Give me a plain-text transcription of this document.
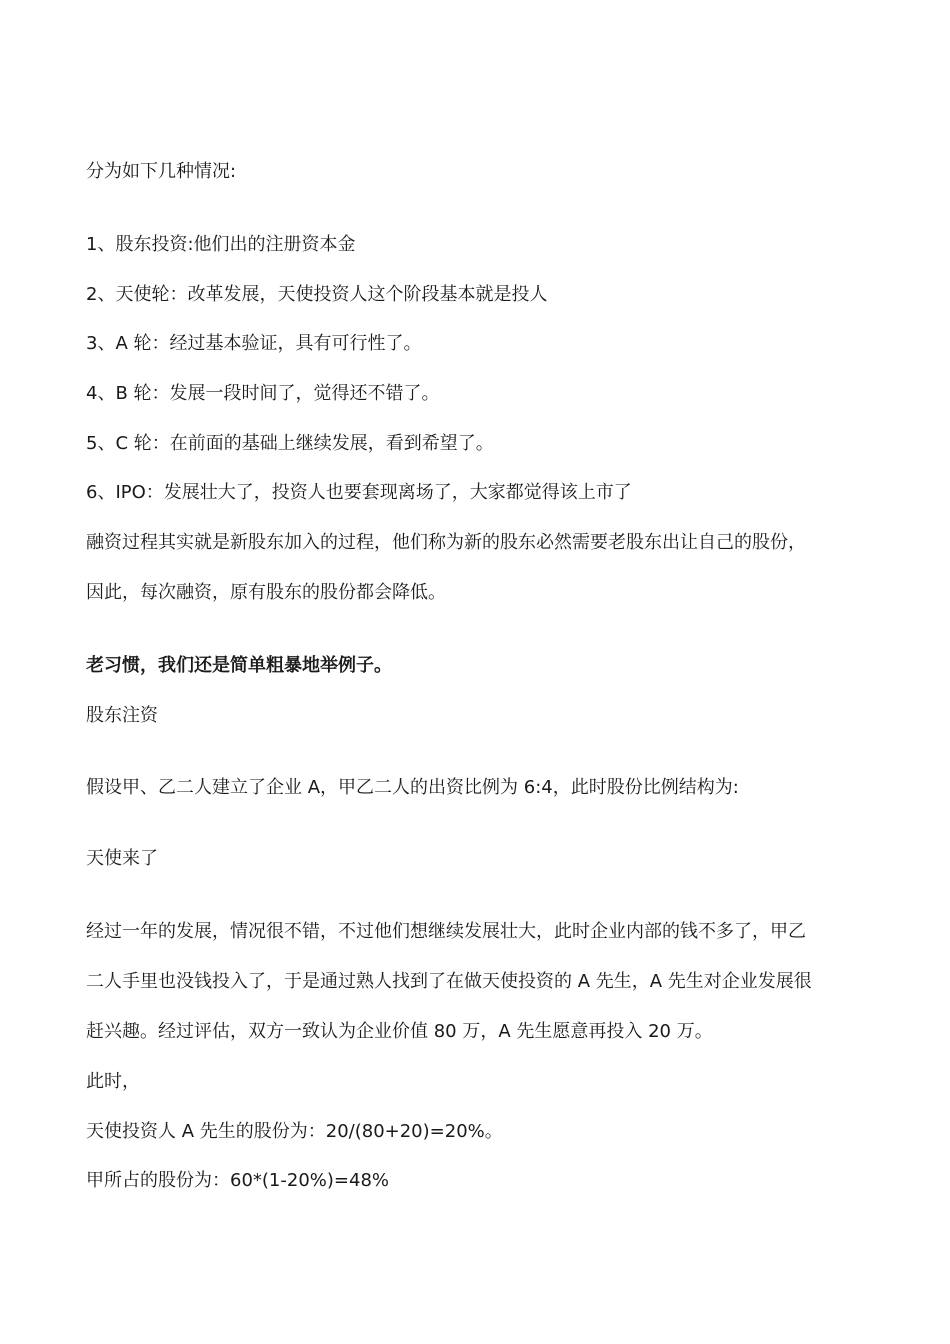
分为如下几种情况:
1、股东投资:他们出的注册资本金
2、天使轮：改革发展，天使投资人这个阶段基本就是投人
3、A 轮：经过基本验证，具有可行性了。
4、B 轮：发展一段时间了，觉得还不错了。
5、C 轮：在前面的基础上继续发展，看到希望了。
6、IPO：发展壮大了，投资人也要套现离场了，大家都觉得该上市了
融资过程其实就是新股东加入的过程，他们称为新的股东必然需要老股东出让自己的股份，
因此，每次融资，原有股东的股份都会降低。
老习惯，我们还是简单粗暴地举例子。
股东注资
假设甲、乙二人建立了企业 A，甲乙二人的出资比例为 6:4，此时股份比例结构为:
天使来了
经过一年的发展，情况很不错，不过他们想继续发展壮大，此时企业内部的钱不多了，甲乙
二人手里也没钱投入了，于是通过熟人找到了在做天使投资的 A 先生，A 先生对企业发展很
赶兴趣。经过评估，双方一致认为企业价值 80 万，A 先生愿意再投入 20 万。
此时，
天使投资人 A 先生的股份为：20/(80+20)=20%。
甲所占的股份为：60*(1-20%)=48%
